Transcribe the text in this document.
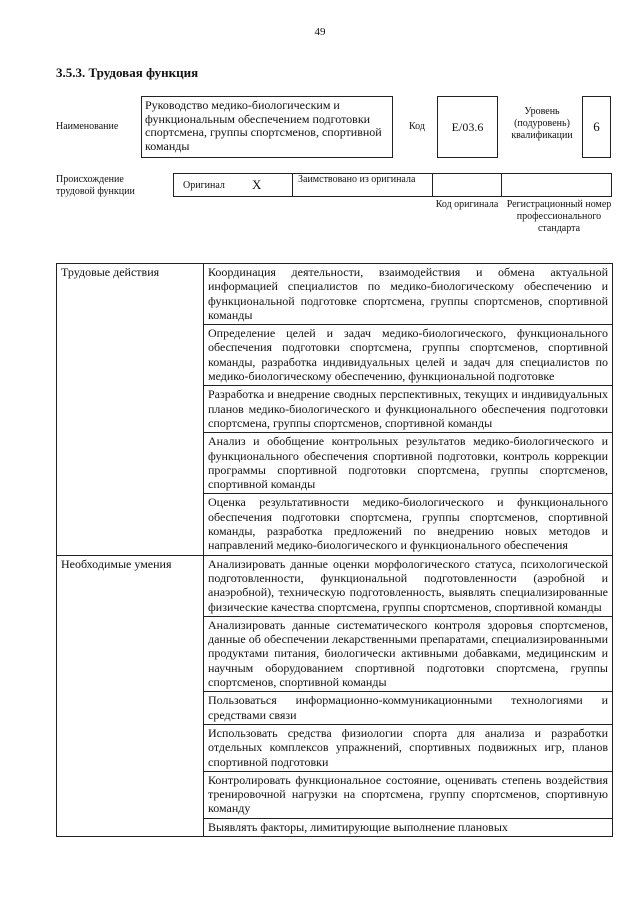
49
3.5.3. Трудовая функция
Наименование
Руководство медико-биологическим и функциональным обеспечением подготовки спортсмена, группы спортсменов, спортивной команды
Код	E/03.6
Уровень (подуровень) квалификации
6
Происхождение трудовой функции
Оригинал X	Заимствовано из оригинала
Код оригинала Регистрационный номер профессионального стандарта
Трудовые действия	Координация деятельности, взаимодействия и обмена актуальной информацией специалистов по медико-биологическому обеспечению и функциональной подготовке спортсмена, группы спортсменов, спортивной команды
	Определение целей и задач медико-биологического, функционального обеспечения подготовки спортсмена, группы спортсменов, спортивной команды, разработка индивидуальных целей и задач для специалистов по медико-биологическому обеспечению, функциональной подготовке
	Разработка и внедрение сводных перспективных, текущих и индивидуальных планов медико-биологического и функционального обеспечения подготовки спортсмена, группы спортсменов, спортивной команды
	Анализ и обобщение контрольных результатов медико-биологического и функционального обеспечения спортивной подготовки, контроль коррекции программы спортивной подготовки спортсмена, группы спортсменов, спортивной команды
	Оценка результативности медико-биологического и функционального обеспечения подготовки спортсмена, группы спортсменов, спортивной команды, разработка предложений по внедрению новых методов и направлений медико-биологического и функционального обеспечения
Необходимые умения	Анализировать данные оценки морфологического статуса, психологической подготовленности, функциональной подготовленности (аэробной и анаэробной), техническую подготовленность, выявлять специализированные физические качества спортсмена, группы спортсменов, спортивной команды
	Анализировать данные систематического контроля здоровья спортсменов, данные об обеспечении лекарственными препаратами, специализированными продуктами питания, биологически активными добавками, медицинским и научным оборудованием спортивной подготовки спортсмена, группы спортсменов, спортивной команды
	Пользоваться информационно-коммуникационными технологиями и средствами связи
	Использовать средства физиологии спорта для анализа и разработки отдельных комплексов упражнений, спортивных подвижных игр, планов спортивной подготовки
	Контролировать функциональное состояние, оценивать степень воздействия тренировочной нагрузки на спортсмена, группу спортсменов, спортивную команду
	Выявлять факторы, лимитирующие выполнение плановых
